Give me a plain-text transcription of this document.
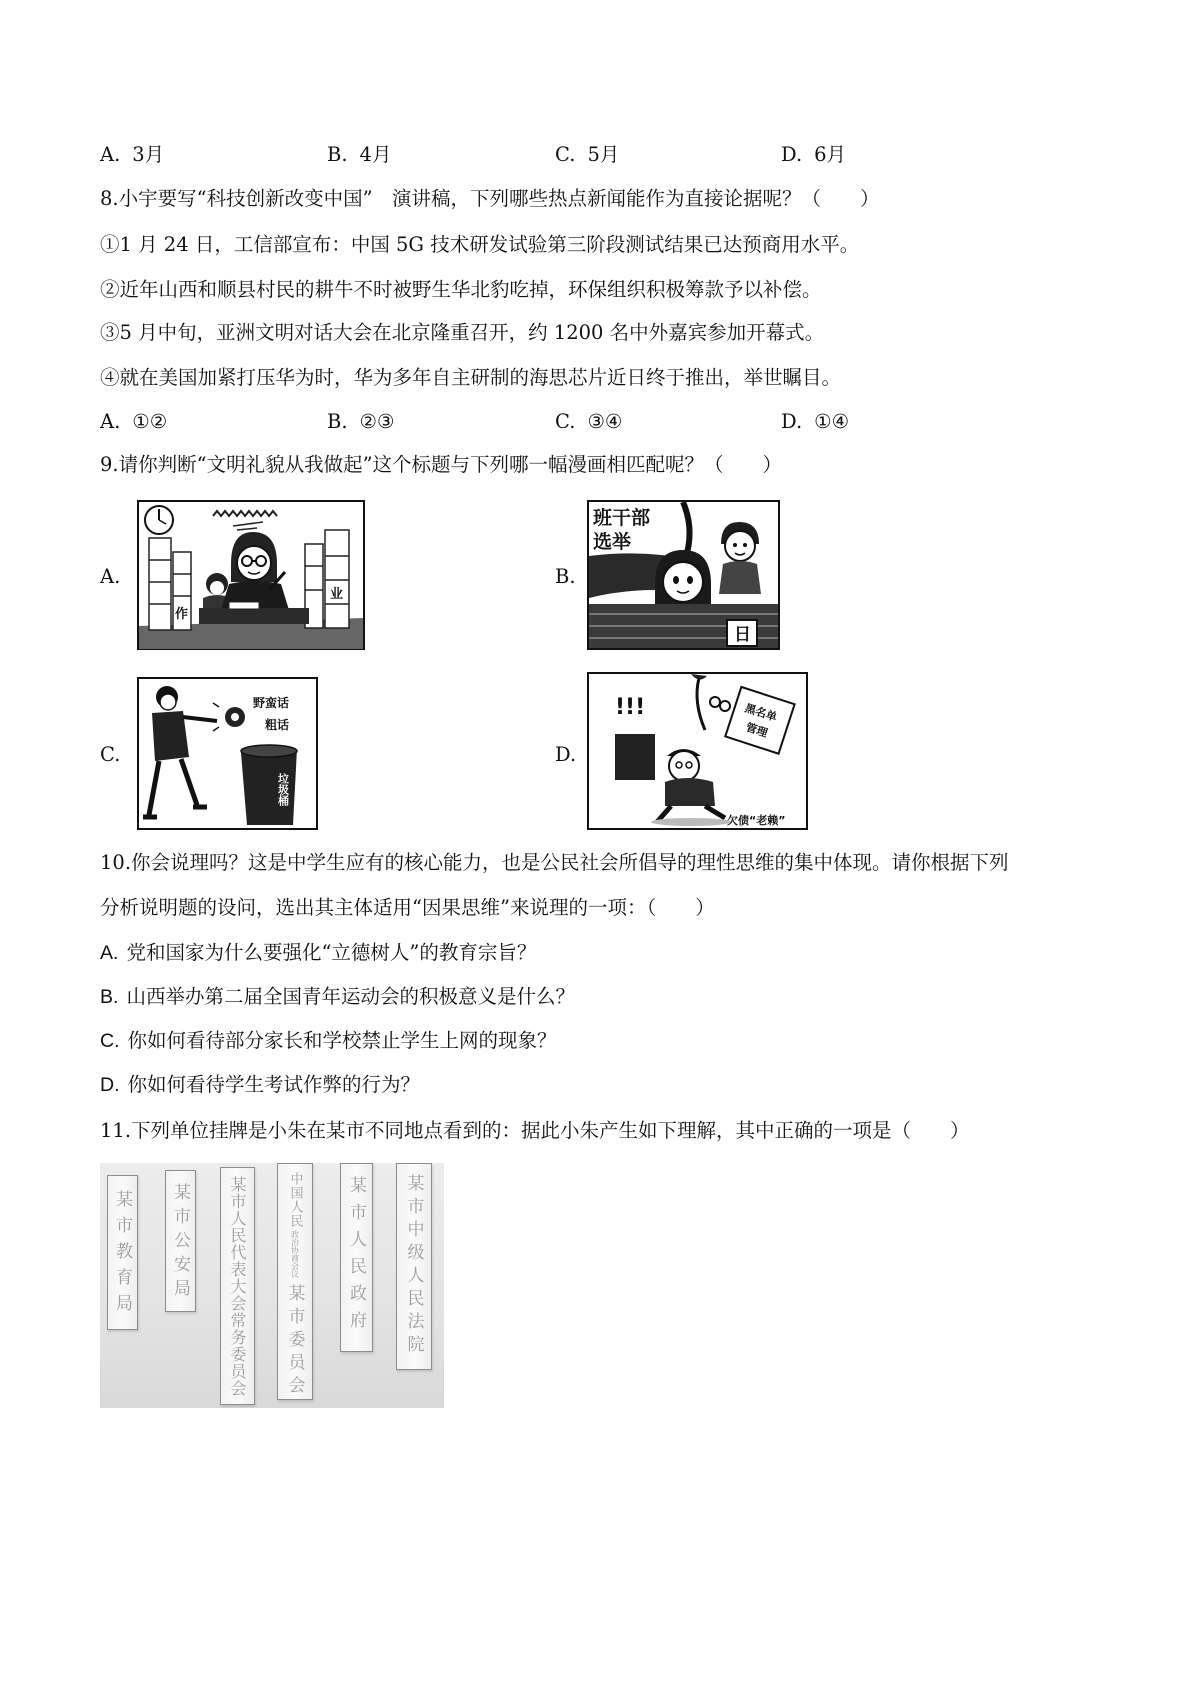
A. 3月	B. 4月	C. 5月	D. 6月
8.小宇要写“科技创新改变中国”　演讲稿，下列哪些热点新闻能作为直接论据呢？（　　）
①1 月 24 日，工信部宣布：中国 5G 技术研发试验第三阶段测试结果已达预商用水平。
②近年山西和顺县村民的耕牛不时被野生华北豹吃掉，环保组织积极筹款予以补偿。
③5 月中旬，亚洲文明对话大会在北京隆重召开，约 1200 名中外嘉宾参加开幕式。
④就在美国加紧打压华为时，华为多年自主研制的海思芯片近日终于推出，举世瞩目。
A. ①②	B. ②③	C. ③④	D. ①④
9.请你判断“文明礼貌从我做起”这个标题与下列哪一幅漫画相匹配呢？（　　）
A.	B.
C.	D.
作
业
班干部
选举
日
野蛮话
粗话
垃圾桶
!!!	黑名单
管理
欠债“老赖”
10.你会说理吗？这是中学生应有的核心能力，也是公民社会所倡导的理性思维的集中体现。请你根据下列
分析说明题的设问，选出其主体适用“因果思维”来说理的一项：（　　）
A. 党和国家为什么要强化“立德树人”的教育宗旨？
B. 山西举办第二届全国青年运动会的积极意义是什么？
C. 你如何看待部分家长和学校禁止学生上网的现象？
D. 你如何看待学生考试作弊的行为？
11.下列单位挂牌是小朱在某市不同地点看到的：据此小朱产生如下理解，其中正确的一项是（　　）
某市教育局 某市公安局 某市人民代表大会常务委员会	中国人民
政治协商会议
某市委员会
某市人民政府 某市中级人民法院
